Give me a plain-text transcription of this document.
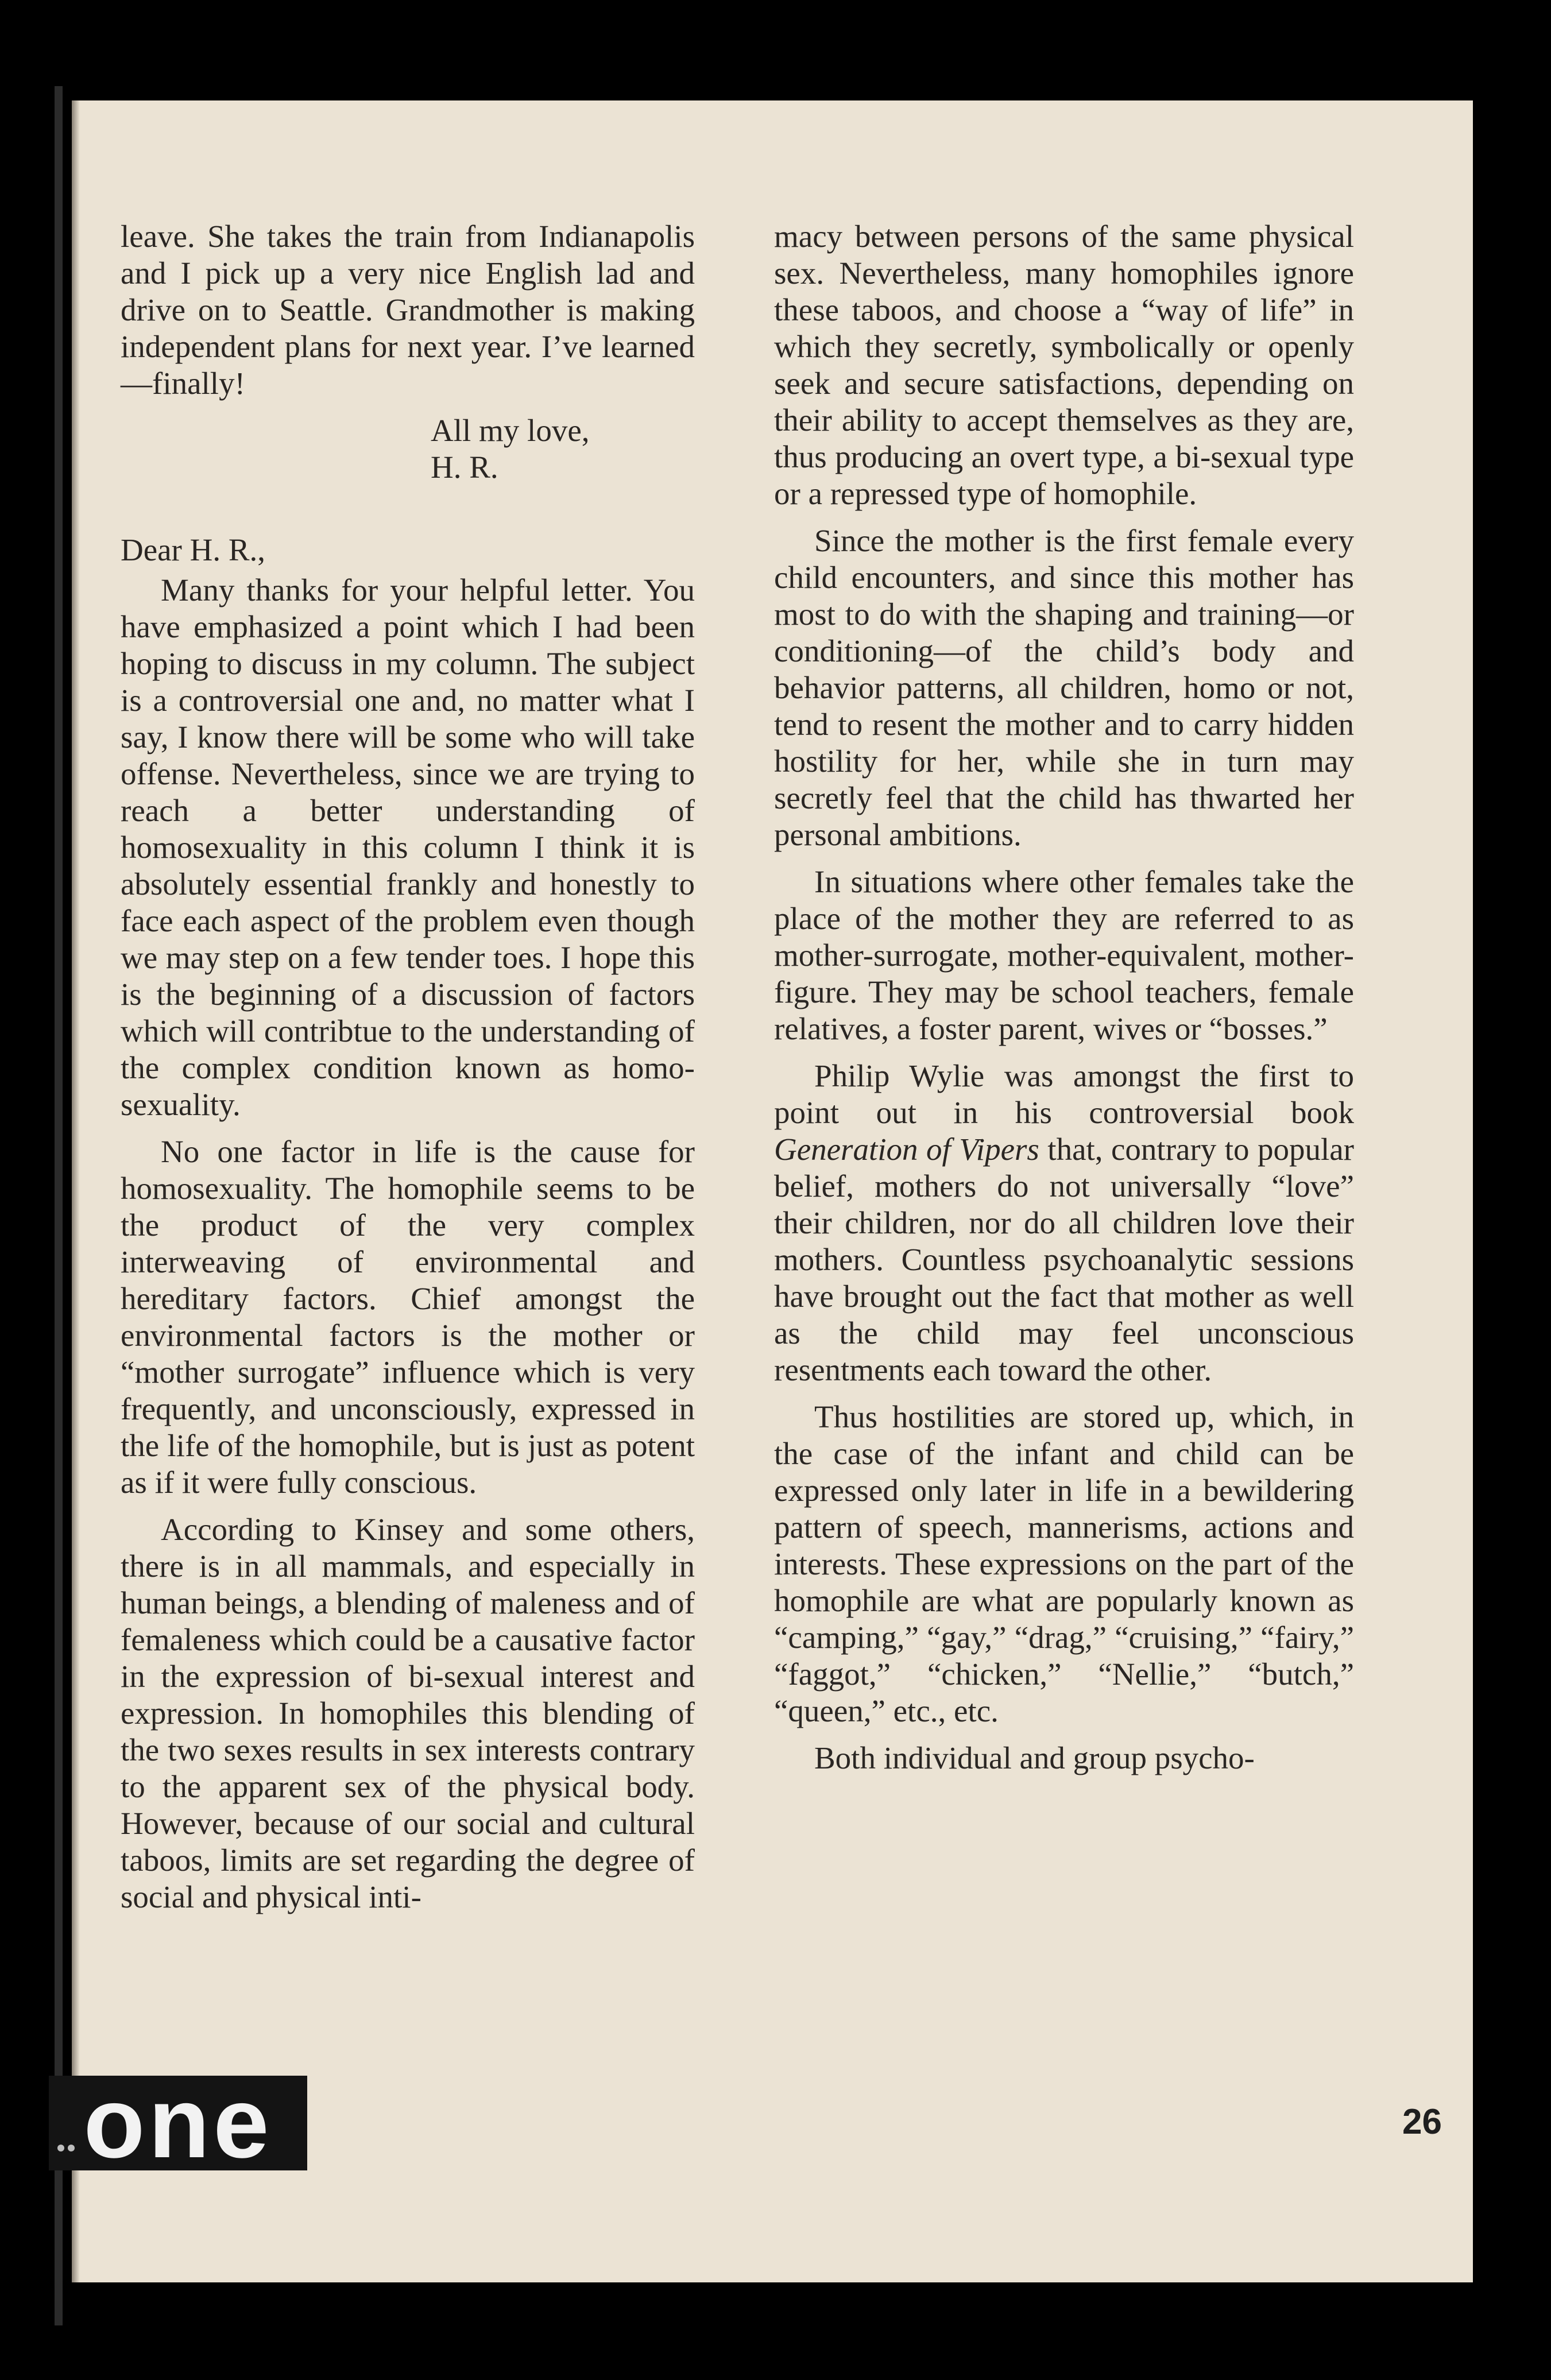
leave. She takes the train from Indianapolis and I pick up a very nice English lad and drive on to Seattle. Grandmother is making independent plans for next year. I’ve learned—finally!

All my love,
H. R.

Dear H. R.,

Many thanks for your helpful letter. You have emphasized a point which I had been hoping to discuss in my column. The subject is a controversial one and, no matter what I say, I know there will be some who will take offense. Nevertheless, since we are trying to reach a better understanding of homosexuality in this column I think it is absolutely essential frankly and honestly to face each aspect of the problem even though we may step on a few tender toes. I hope this is the beginning of a discussion of factors which will contribtue to the understanding of the complex condition known as homosexuality.

No one factor in life is the cause for homosexuality. The homophile seems to be the product of the very complex interweaving of environmental and hereditary factors. Chief amongst the environmental factors is the mother or “mother surrogate” influence which is very frequently, and unconsciously, expressed in the life of the homophile, but is just as potent as if it were fully conscious.

According to Kinsey and some others, there is in all mammals, and especially in human beings, a blending of maleness and of femaleness which could be a causative factor in the expression of bi-sexual interest and expression. In homophiles this blending of the two sexes results in sex interests contrary to the apparent sex of the physical body. However, because of our social and cultural taboos, limits are set regarding the degree of social and physical inti-

macy between persons of the same physical sex. Nevertheless, many homophiles ignore these taboos, and choose a “way of life” in which they secretly, symbolically or openly seek and secure satisfactions, depending on their ability to accept themselves as they are, thus producing an overt type, a bi-sexual type or a repressed type of homophile.

Since the mother is the first female every child encounters, and since this mother has most to do with the shaping and training—or conditioning—of the child’s body and behavior patterns, all children, homo or not, tend to resent the mother and to carry hidden hostility for her, while she in turn may secretly feel that the child has thwarted her personal ambitions.

In situations where other females take the place of the mother they are referred to as mother-surrogate, mother-equivalent, mother-figure. They may be school teachers, female relatives, a foster parent, wives or “bosses.”

Philip Wylie was amongst the first to point out in his controversial book Generation of Vipers that, contrary to popular belief, mothers do not universally “love” their children, nor do all children love their mothers. Countless psychoanalytic sessions have brought out the fact that mother as well as the child may feel unconscious resentments each toward the other.

Thus hostilities are stored up, which, in the case of the infant and child can be expressed only later in life in a bewildering pattern of speech, mannerisms, actions and interests. These expressions on the part of the homophile are what are popularly known as “camping,” “gay,” “drag,” “cruising,” “fairy,” “faggot,” “chicken,” “Nellie,” “butch,” “queen,” etc., etc.

Both individual and group psycho-

one	26
